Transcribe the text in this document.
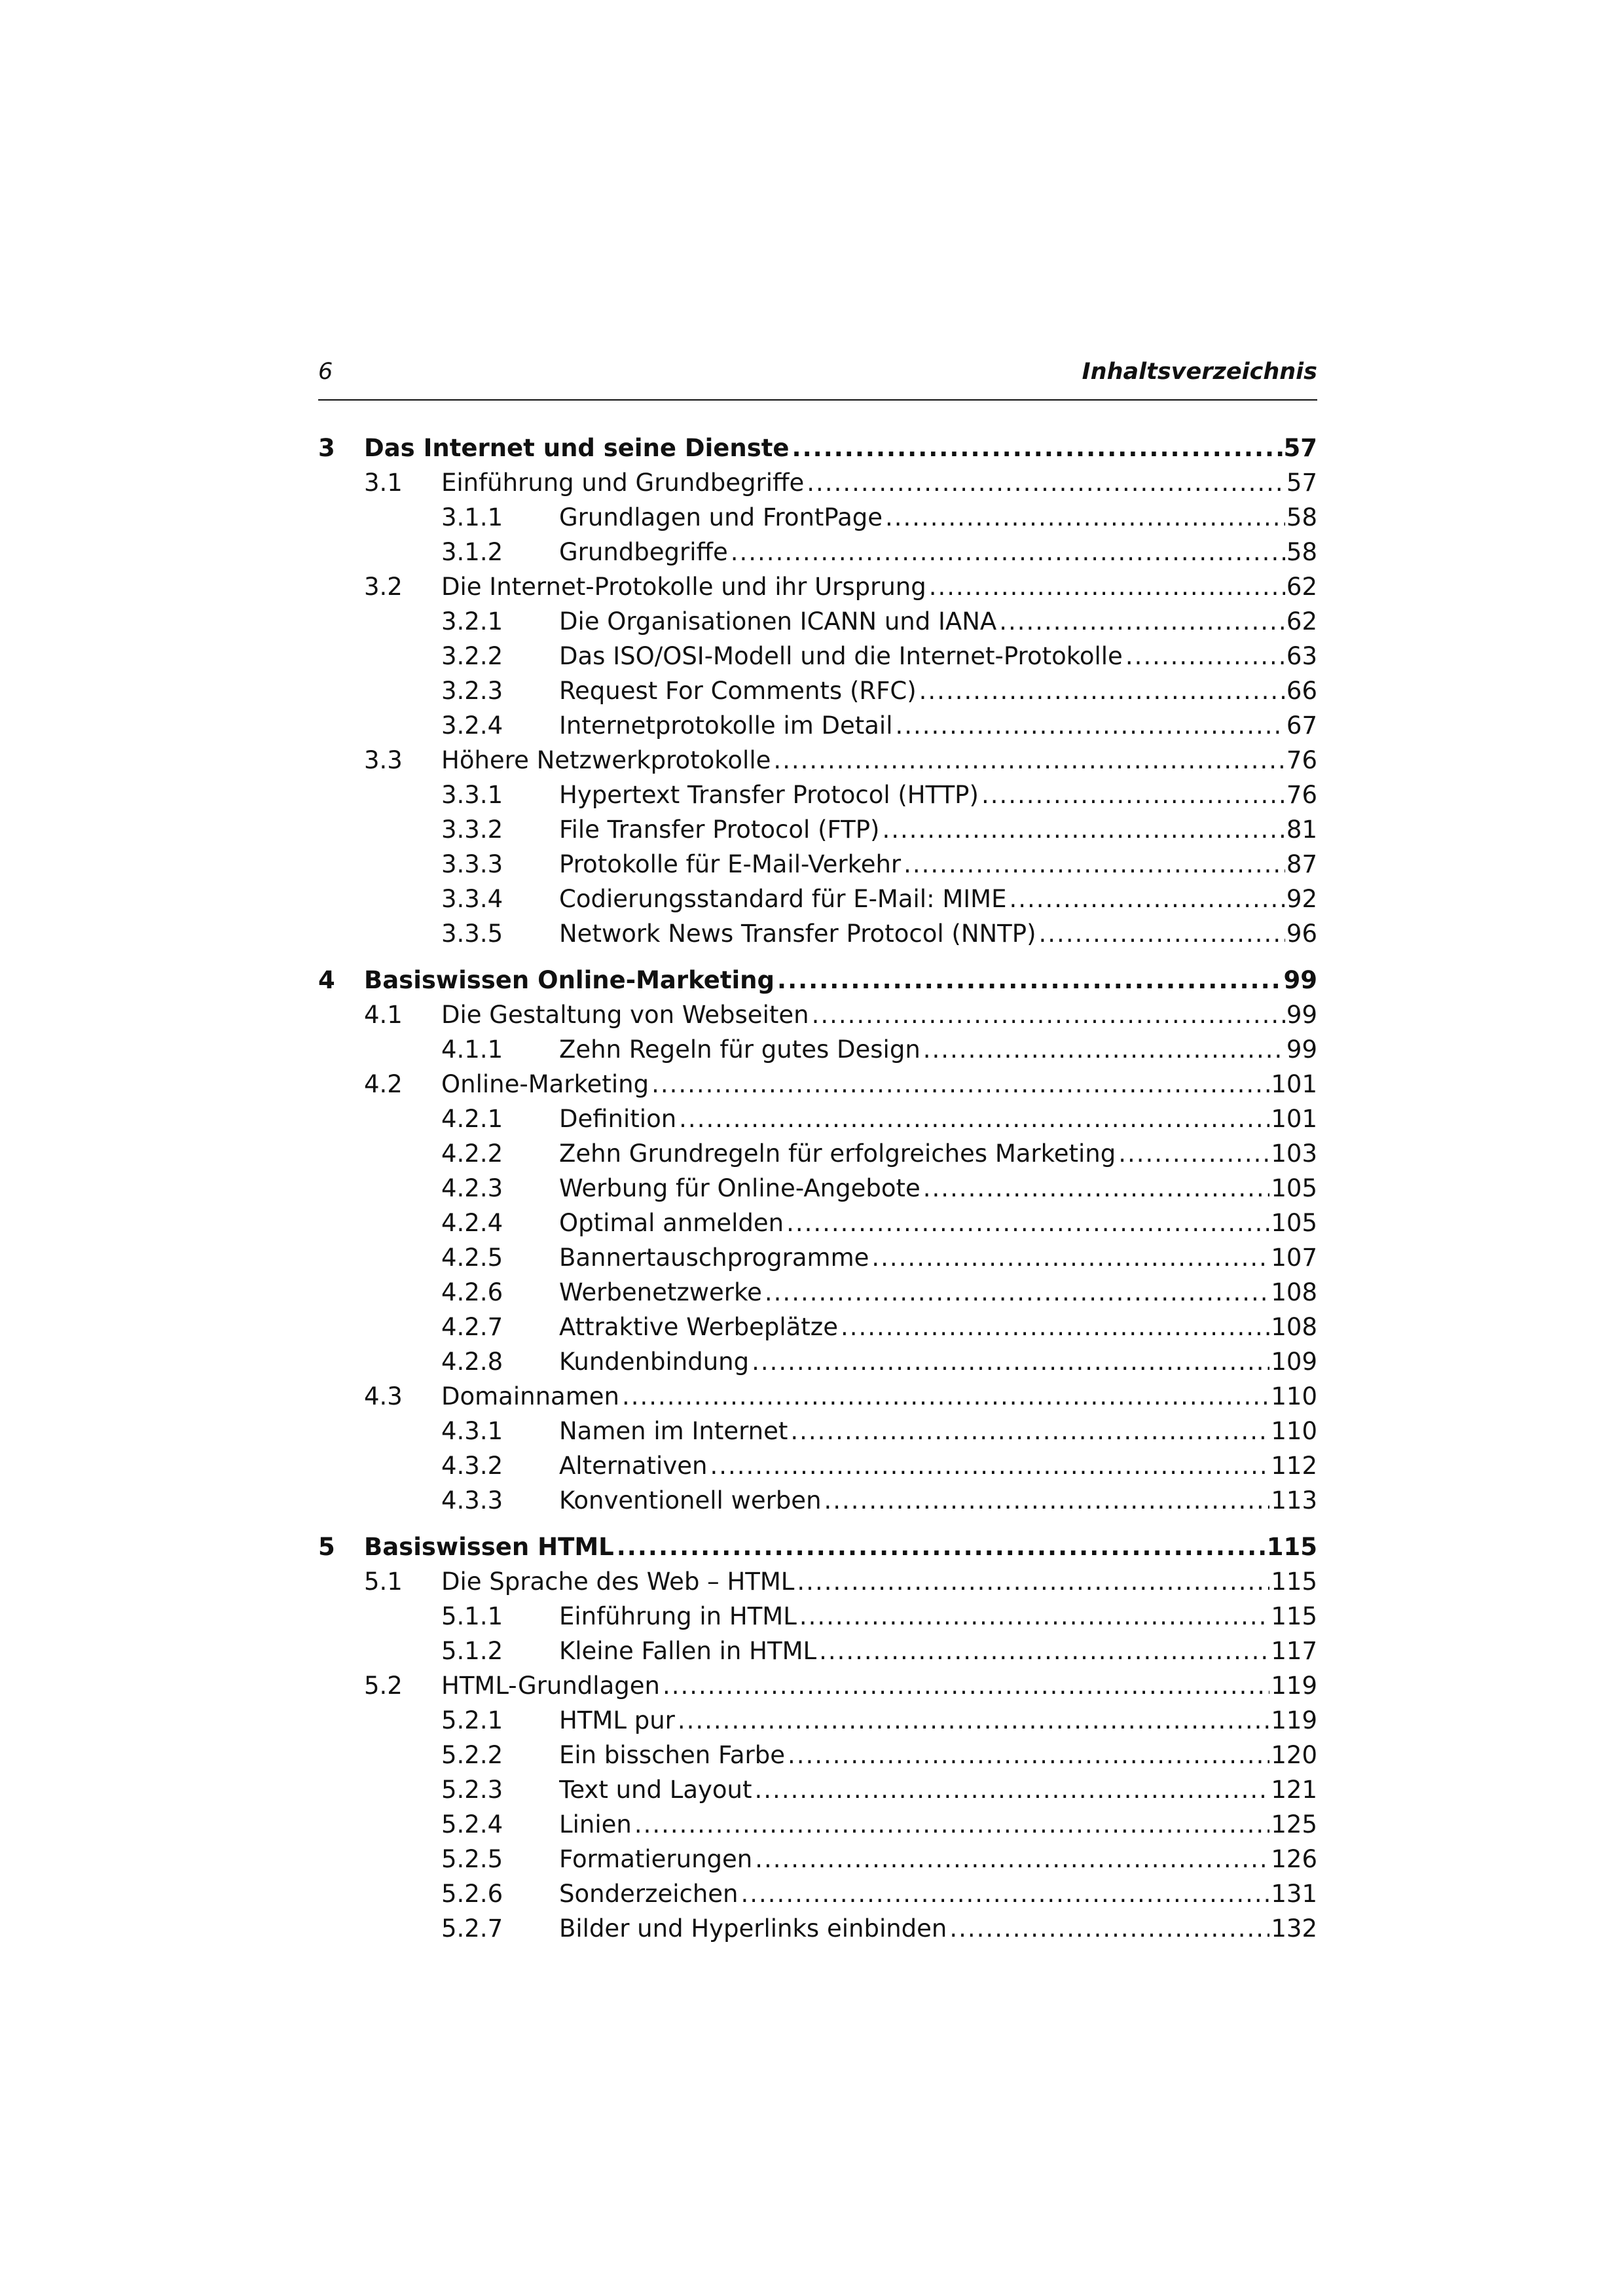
6	Inhaltsverzeichnis
3 Das Internet und seine Dienste .....	57
3.1 Einführung und Grundbegriffe .....	57
3.1.1 Grundlagen und FrontPage .....	58
3.1.2 Grundbegriffe .....	58
3.2 Die Internet-Protokolle und ihr Ursprung .....	62
3.2.1 Die Organisationen ICANN und IANA .....	62
3.2.2 Das ISO/OSI-Modell und die Internet-Protokolle .....	63
3.2.3 Request For Comments (RFC) .....	66
3.2.4 Internetprotokolle im Detail .....	67
3.3 Höhere Netzwerkprotokolle .....	76
3.3.1 Hypertext Transfer Protocol (HTTP) .....	76
3.3.2 File Transfer Protocol (FTP) .....	81
3.3.3 Protokolle für E-Mail-Verkehr .....	87
3.3.4 Codierungsstandard für E-Mail: MIME .....	92
3.3.5 Network News Transfer Protocol (NNTP) .....	96
4 Basiswissen Online-Marketing .....	99
4.1 Die Gestaltung von Webseiten .....	99
4.1.1 Zehn Regeln für gutes Design .....	99
4.2 Online-Marketing .....	101
4.2.1 Definition .....	101
4.2.2 Zehn Grundregeln für erfolgreiches Marketing .....	103
4.2.3 Werbung für Online-Angebote .....	105
4.2.4 Optimal anmelden .....	105
4.2.5 Bannertauschprogramme .....	107
4.2.6 Werbenetzwerke .....	108
4.2.7 Attraktive Werbeplätze .....	108
4.2.8 Kundenbindung .....	109
4.3 Domainnamen .....	110
4.3.1 Namen im Internet .....	110
4.3.2 Alternativen .....	112
4.3.3 Konventionell werben .....	113
5 Basiswissen HTML .....	115
5.1 Die Sprache des Web – HTML .....	115
5.1.1 Einführung in HTML .....	115
5.1.2 Kleine Fallen in HTML .....	117
5.2 HTML-Grundlagen .....	119
5.2.1 HTML pur .....	119
5.2.2 Ein bisschen Farbe .....	120
5.2.3 Text und Layout .....	121
5.2.4 Linien .....	125
5.2.5 Formatierungen .....	126
5.2.6 Sonderzeichen .....	131
5.2.7 Bilder und Hyperlinks einbinden .....	132
